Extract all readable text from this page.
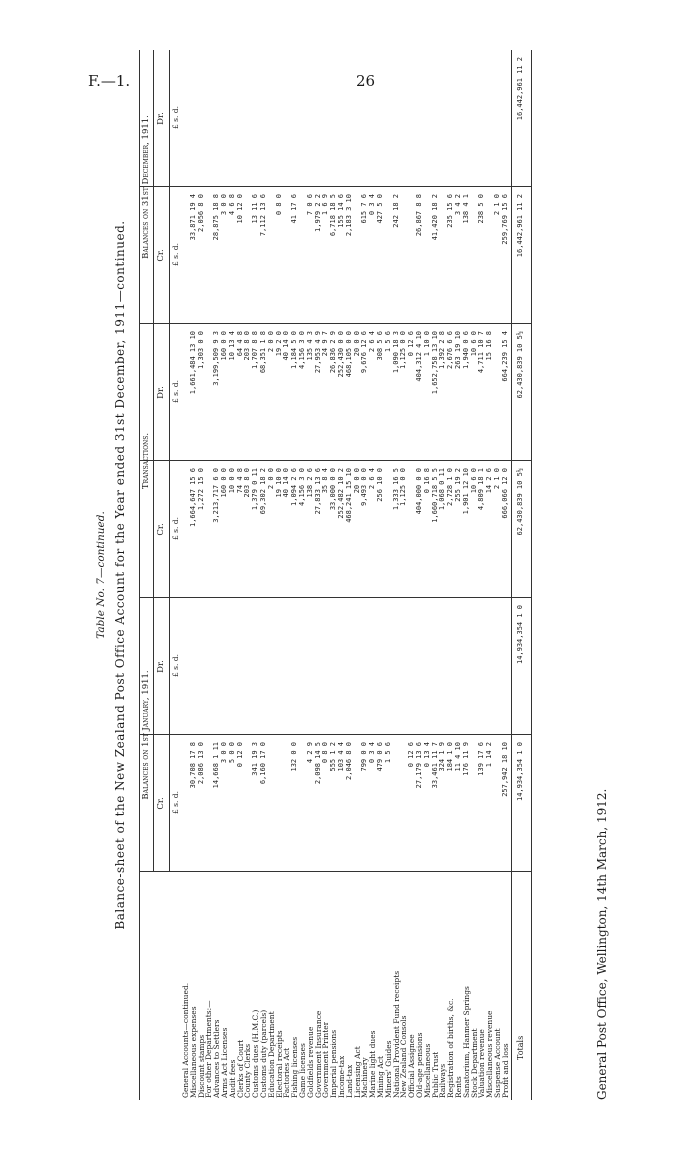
F.—1.	26
Table No. 7—continued. Balance-sheet of the New Zealand Post Office Account for the Year ended 31st December, 1911—continued. Balances on 1st January, 1911.
Transactions.
Balances on 31st December, 1911.
Cr.
Dr.
Cr.
Dr.
Cr.
Dr.
£ s. d.
£ s. d.
£ s. d.
£ s. d.
£ s. d.
£ s. d.
General Accounts—continued.
Miscellaneous expenses
30,708 17 8
1,664,647 15 6
1,661,484 13 10
33,871 19 4
Discount stamps
2,086 13 0
1,272 15 0
1,303 0 0
2,056 8 0
For other Departments:—
Advances to Settlers
14,668 1 11
3,213,717 6 0
3,199,509 9 3
28,875 18 8
Arms Act Licenses
3 0 0
160 0 0
160 0 0
3 0 0
Audit fees
5 0 0
10 0 0
10 13 4
4 6 8
Clerks of Court
0 12 0
74 4 8
64 4 8
10 12 0
County Clerks
203 8 0
203 8 0
Customs dues (H.M.C.)
341 19 3
1,379 0 11
1,707 8 8
13 11 6
Customs duty (parcels)
6,160 17 0
69,302 18 2
68,351 1 8
7,112 13 6
Education Department
2 0 0
2 0 0
Electoral receipts
19 10 0
19 2 0
0 8 0
Factories Act
40 14 0
40 14 0
Fishing licenses
132 0 0
1,094 2 6
1,184 5 0
41 17 6
Game licenses
4,156 3 0
4,156 3 0
Goldfields revenue
4 2 9
138 2 6
135 4 3
7 0 6
Government Insurance
2,098 14 5
27,833 13 6
27,953 4 9
1,979 2 2
Government Printer
0 8 0
35 8 4
24 9 7
1 6 9
Imperial pensions
555 1 2
33,000 0 0
26,836 2 9
6,718 18 5
Income-tax
103 4 4
252,482 10 2
252,430 0 0
155 14 6
Land-tax
2,046 8 0
468,241 15 10
468,105 0 0
2,183 3 10
Licensing Act
20 0 0
20 0 0
Machinery
799 0 0
9,493 0 0
9,676 12 6
615 7 6
Marine light dues
0 3 4
2 6 4
2 6 4
0 3 4
Mining Act
479 0 6
256 10 0
308 5 6
427 5 0
Miners' Guides
1 5 6
1 5 6
National Provident Fund receipts
1,333 16 5
1,090 18 3
242 18 2
New Zealand Consols
1,125 0 0
1,125 0 0
Official Assignee
0 12 6
0 12 6
Old-age pensions
27,179 13 6
404,000 0 0
404,312 4 10
26,867 8 8
Miscellaneous
0 13 4
0 16 8
1 10 0
Public Trust
33,461 11 7
1,660,718 5 5
1,652,758 13 10
41,420 18 2
Railways
324 1 9
1,068 0 11
1,392 2 8
Registration of births, &c.
184 1 0
2,728 1 0
2,676 6 6
235 15 6
Rents
11 4 10
255 19 2
263 19 10
3 4 2
Sanatorium, Hanmer Springs
176 11 9
1,901 12 10
1,940 0 6
138 4 1
Stock Department
10 6 0
10 6 0
Valuation revenue
139 17 6
4,809 18 1
4,711 10 7
238 5 0
Miscellaneous revenue
1 14 2
14 2 6
15 16 8
Suspense Account
2 1 0
2 1 0
Profit and loss
257,942 18 10
666,066 12 0
664,239 15 4
259,769 15 6
Totals
14,934,354 1 0
14,934,354 1 0
62,430,839 10 5½
62,430,839 10 5½
16,442,961 11 2
16,442,961 11 2
General Post Office, Wellington, 14th March, 1912.
